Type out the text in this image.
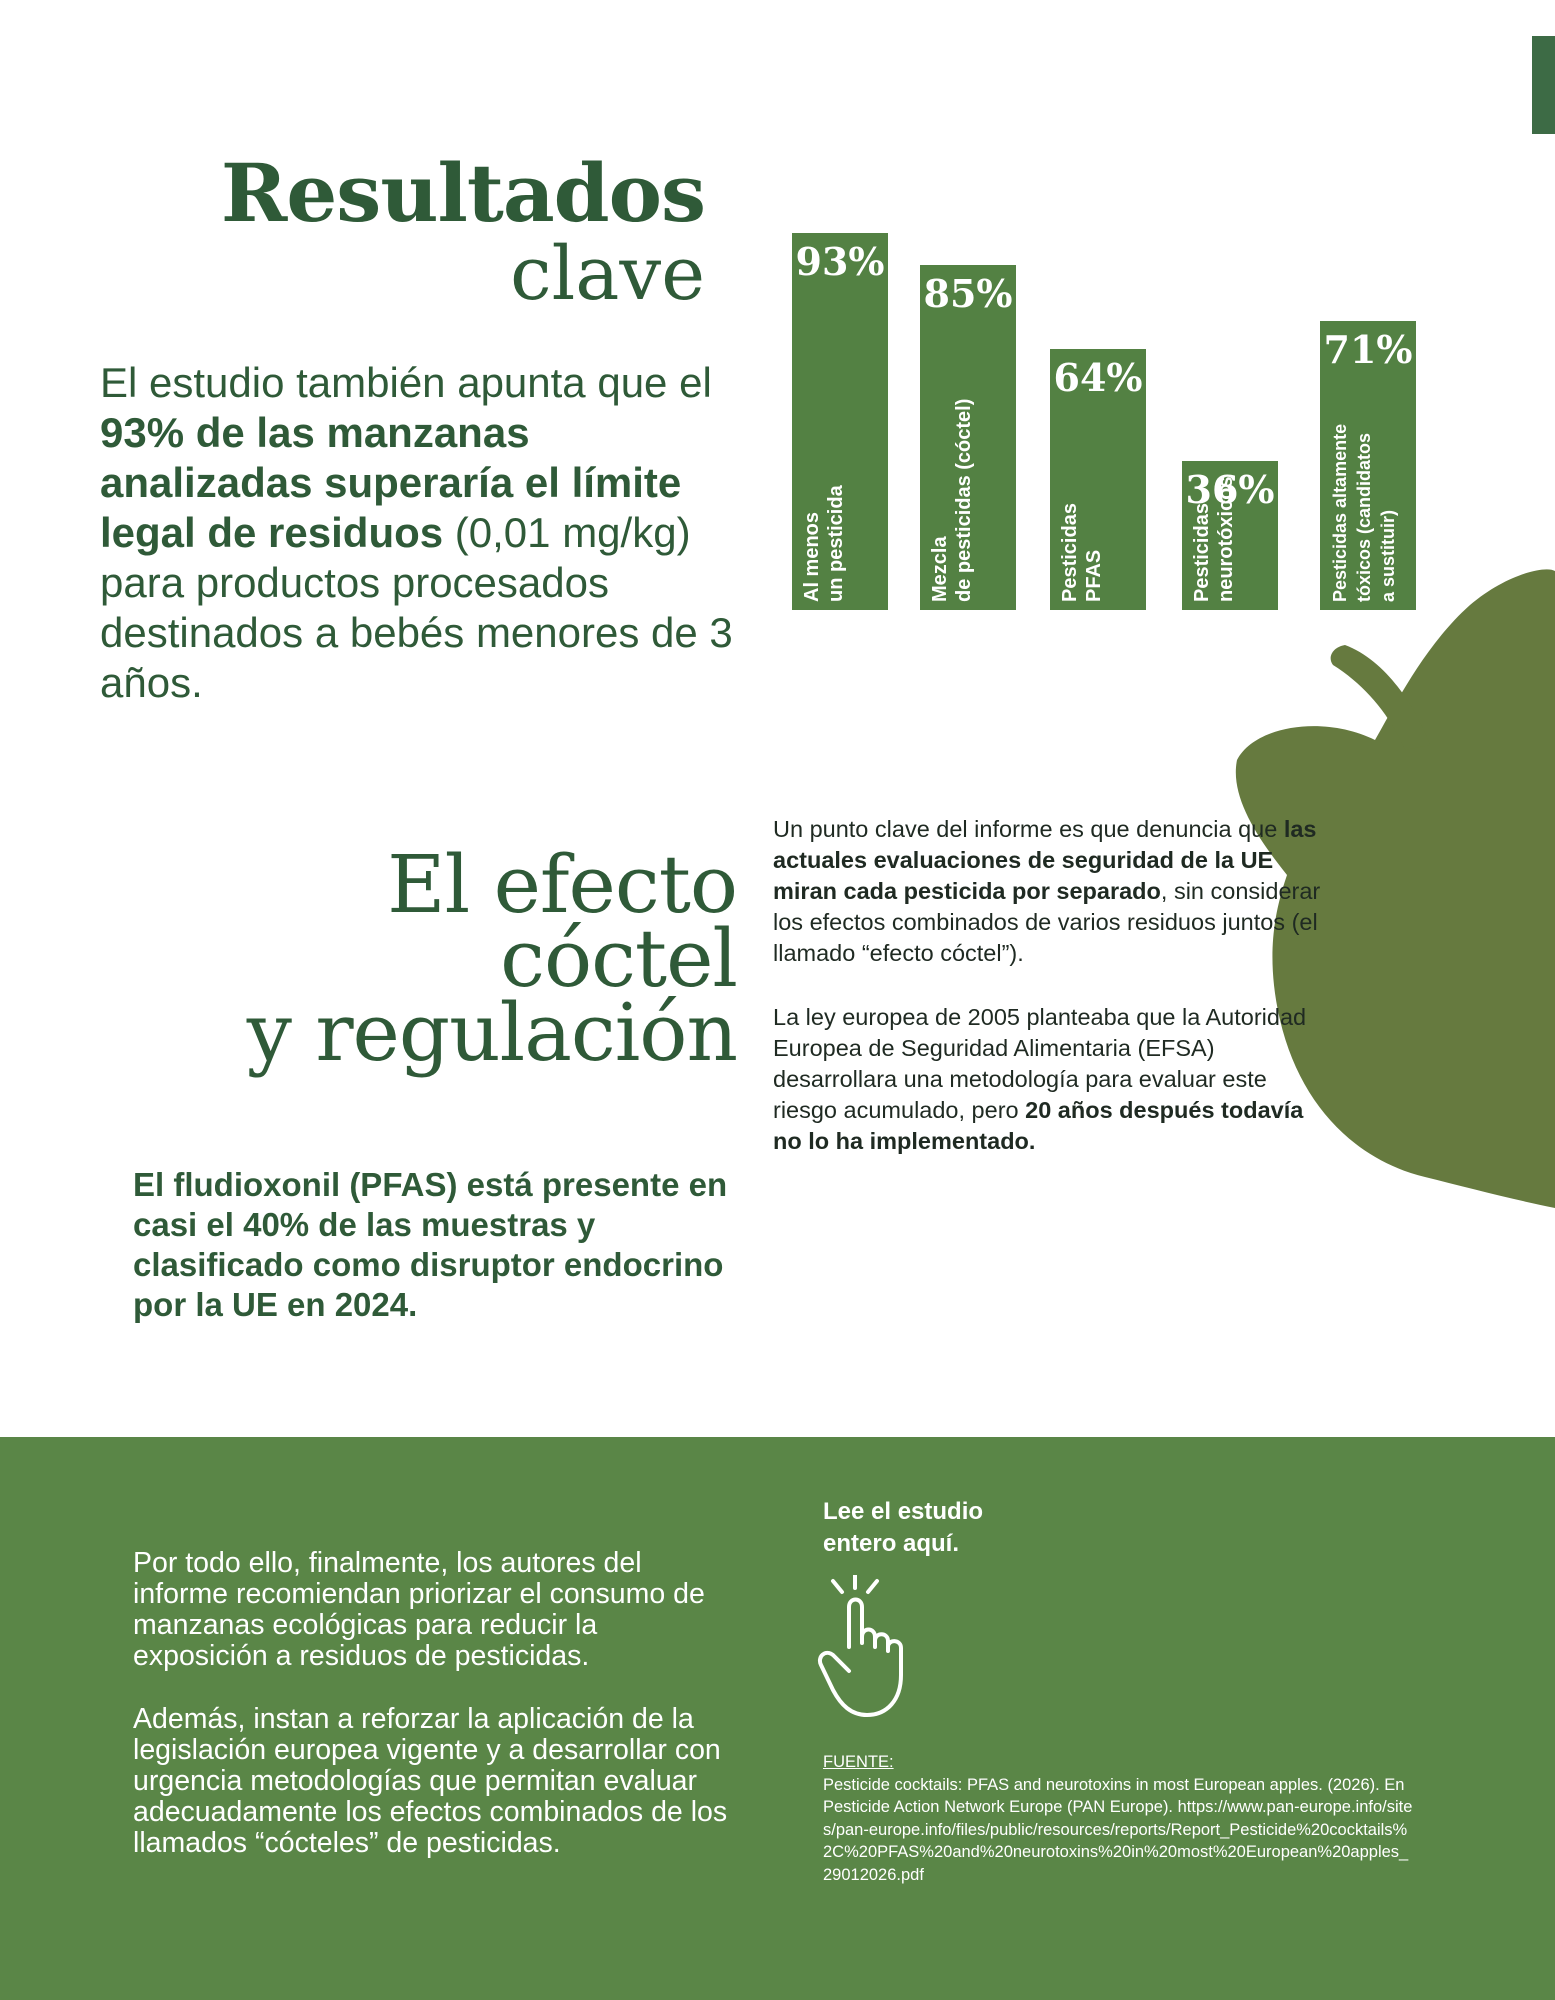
Resultados
clave
El estudio también apunta que el 93% de las manzanas analizadas superaría el límite legal de residuos (0,01 mg/kg) para productos procesados destinados a bebés menores de 3 años.
93%
Al menos un pesticida
85%
Mezcla de pesticidas (cóctel)
64%
Pesticidas PFAS
36%
Pesticidas neurotóxicos
71%
Pesticidas altamente tóxicos (candidatos a sustituir)
El efecto
cóctel
y regulación
Un punto clave del informe es que denuncia que las actuales evaluaciones de seguridad de la UE miran cada pesticida por separado, sin considerar los efectos combinados de varios residuos juntos (el llamado “efecto cóctel”).
La ley europea de 2005 planteaba que la Autoridad Europea de Seguridad Alimentaria (EFSA) desarrollara una metodología para evaluar este riesgo acumulado, pero 20 años después todavía no lo ha implementado.
El fludioxonil (PFAS) está presente en casi el 40% de las muestras y clasificado como disruptor endocrino por la UE en 2024.
Por todo ello, finalmente, los autores del informe recomiendan priorizar el consumo de manzanas ecológicas para reducir la exposición a residuos de pesticidas.
Además, instan a reforzar la aplicación de la legislación europea vigente y a desarrollar con urgencia metodologías que permitan evaluar adecuadamente los efectos combinados de los llamados “cócteles” de pesticidas.
Lee el estudio
entero aquí.
FUENTE:
Pesticide cocktails: PFAS and neurotoxins in most European apples. (2026). En Pesticide Action Network Europe (PAN Europe). https://www.pan-europe.info/sites/pan-europe.info/files/public/resources/reports/Report_Pesticide%20cocktails%2C%20PFAS%20and%20neurotoxins%20in%20most%20European%20apples_29012026.pdf
